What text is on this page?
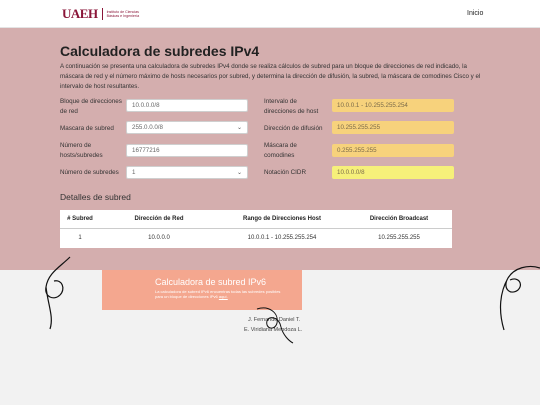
UAEH	Instituto de Ciencias Básicas e Ingeniería	Inicio
Calculadora de subredes IPv4
A continuación se presenta una calculadora de subredes IPv4 donde se realiza cálculos de subred para un bloque de direcciones de red indicado, la máscara de red y el número máximo de hosts necesarios por subred, y determina la dirección de difusión, la subred, la máscara de comodines Cisco y el intervalo de host resultantes.
Bloque de direcciones de red
10.0.0.0/8
Mascara de subred	255.0.0.0/8	⌄
Número de hosts/subredes
16777216
Número de subredes 1	⌄
Intervalo de direcciones de host
10.0.0.1 - 10.255.255.254
Dirección de difusión	10.255.255.255
Máscara de comodines
0.255.255.255
Notación CIDR	10.0.0.0/8
Detalles de subred
# Subred	Dirección de Red	Rango de Direcciones Host	Dirección Broadcast
1	10.0.0.0	10.0.0.1 - 10.255.255.254	10.255.255.255
Calculadora de subred IPv6
La calculadora de subred IPv6 encuentras todas las subredes posibles para un bloque de direcciones IPv6 aquí.
J. Fernando Daniel T.
E. Viridiana Mendoza L.
